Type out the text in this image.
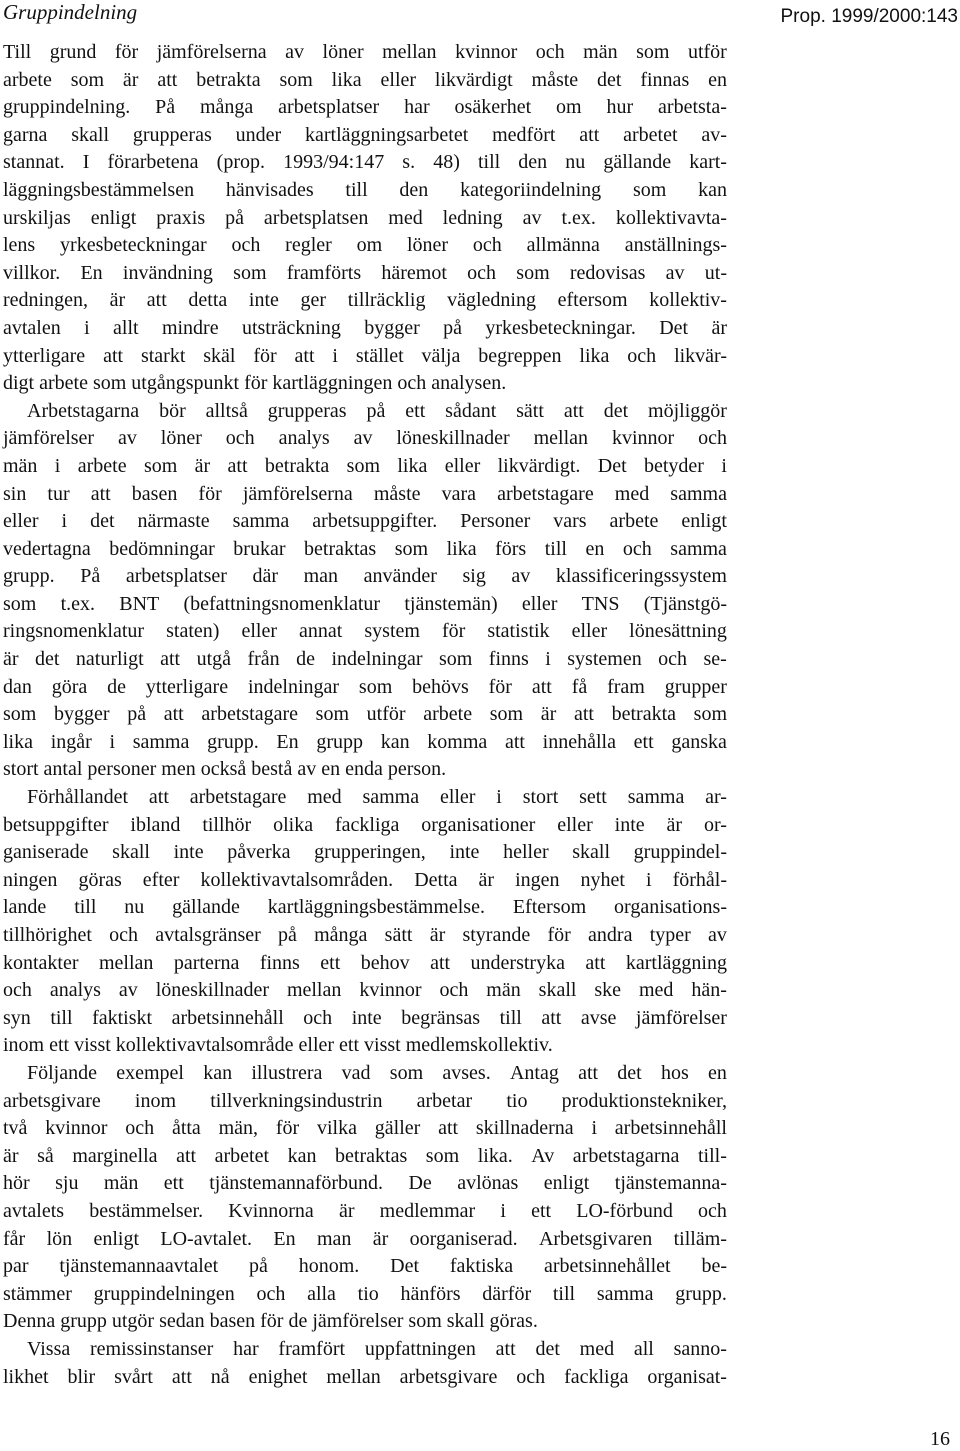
Gruppindelning	Prop. 1999/2000:143
Till grund för jämförelserna av löner mellan kvinnor och män som utför
arbete som är att betrakta som lika eller likvärdigt måste det finnas en
gruppindelning. På många arbetsplatser har osäkerhet om hur arbetsta-
garna skall grupperas under kartläggningsarbetet medfört att arbetet av-
stannat. I förarbetena (prop. 1993/94:147 s. 48) till den nu gällande kart-
läggningsbestämmelsen hänvisades till den kategoriindelning som kan
urskiljas enligt praxis på arbetsplatsen med ledning av t.ex. kollektivavta-
lens yrkesbeteckningar och regler om löner och allmänna anställnings-
villkor. En invändning som framförts häremot och som redovisas av ut-
redningen, är att detta inte ger tillräcklig vägledning eftersom kollektiv-
avtalen i allt mindre utsträckning bygger på yrkesbeteckningar. Det är
ytterligare att starkt skäl för att i stället välja begreppen lika och likvär-
digt arbete som utgångspunkt för kartläggningen och analysen.
Arbetstagarna bör alltså grupperas på ett sådant sätt att det möjliggör
jämförelser av löner och analys av löneskillnader mellan kvinnor och
män i arbete som är att betrakta som lika eller likvärdigt. Det betyder i
sin tur att basen för jämförelserna måste vara arbetstagare med samma
eller i det närmaste samma arbetsuppgifter. Personer vars arbete enligt
vedertagna bedömningar brukar betraktas som lika förs till en och samma
grupp. På arbetsplatser där man använder sig av klassificeringssystem
som t.ex. BNT (befattningsnomenklatur tjänstemän) eller TNS (Tjänstgö-
ringsnomenklatur staten) eller annat system för statistik eller lönesättning
är det naturligt att utgå från de indelningar som finns i systemen och se-
dan göra de ytterligare indelningar som behövs för att få fram grupper
som bygger på att arbetstagare som utför arbete som är att betrakta som
lika ingår i samma grupp. En grupp kan komma att innehålla ett ganska
stort antal personer men också bestå av en enda person.
Förhållandet att arbetstagare med samma eller i stort sett samma ar-
betsuppgifter ibland tillhör olika fackliga organisationer eller inte är or-
ganiserade skall inte påverka grupperingen, inte heller skall gruppindel-
ningen göras efter kollektivavtalsområden. Detta är ingen nyhet i förhål-
lande till nu gällande kartläggningsbestämmelse. Eftersom organisations-
tillhörighet och avtalsgränser på många sätt är styrande för andra typer av
kontakter mellan parterna finns ett behov att understryka att kartläggning
och analys av löneskillnader mellan kvinnor och män skall ske med hän-
syn till faktiskt arbetsinnehåll och inte begränsas till att avse jämförelser
inom ett visst kollektivavtalsområde eller ett visst medlemskollektiv.
Följande exempel kan illustrera vad som avses. Antag att det hos en
arbetsgivare inom tillverkningsindustrin arbetar tio produktionstekniker,
två kvinnor och åtta män, för vilka gäller att skillnaderna i arbetsinnehåll
är så marginella att arbetet kan betraktas som lika. Av arbetstagarna till-
hör sju män ett tjänstemannaförbund. De avlönas enligt tjänstemanna-
avtalets bestämmelser. Kvinnorna är medlemmar i ett LO-förbund och
får lön enligt LO-avtalet. En man är oorganiserad. Arbetsgivaren tilläm-
par tjänstemannaavtalet på honom. Det faktiska arbetsinnehållet be-
stämmer gruppindelningen och alla tio hänförs därför till samma grupp.
Denna grupp utgör sedan basen för de jämförelser som skall göras.
Vissa remissinstanser har framfört uppfattningen att det med all sanno-
likhet blir svårt att nå enighet mellan arbetsgivare och fackliga organisat-
16
